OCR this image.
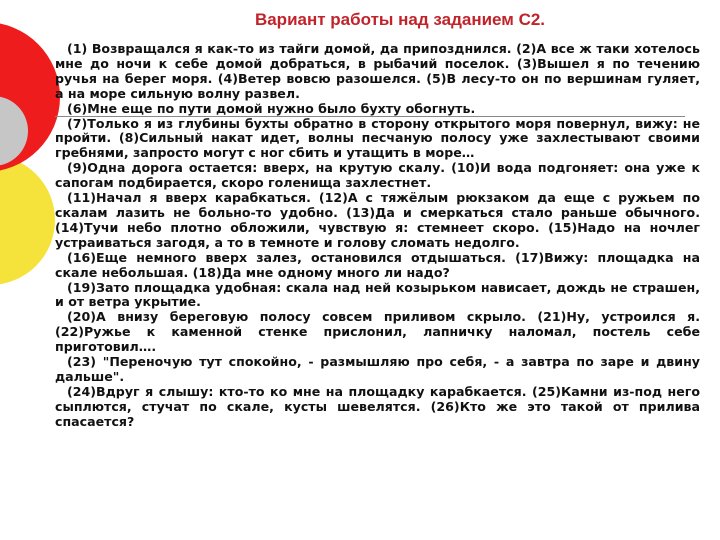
Вариант работы над заданием С2.

(1) Возвращался я как-то из тайги домой, да припозднился. (2)А все ж таки хотелось мне до ночи к себе домой добраться, в рыбачий поселок. (3)Вышел я по течению ручья на берег моря. (4)Ветер вовсю разошелся. (5)В лесу-то он по вершинам гуляет, а на море сильную волну развел.

(6)Мне еще по пути домой нужно было бухту обогнуть.

(7)Только я из глубины бухты обратно в сторону открытого моря повернул, вижу: не пройти. (8)Сильный накат идет, волны песчаную полосу уже захлестывают своими гребнями, запросто могут с ног сбить и утащить в море…

(9)Одна дорога остается: вверх, на крутую скалу. (10)И вода подгоняет: она уже к сапогам подбирается, скоро голенища захлестнет.

(11)Начал я вверх карабкаться. (12)А с тяжёлым рюкзаком да еще с ружьем по скалам лазить не больно-то удобно. (13)Да и смеркаться стало раньше обычного. (14)Тучи небо плотно обложили, чувствую я: стемнеет скоро. (15)Надо на ночлег устраиваться загодя, а то в темноте и голову сломать недолго.

(16)Еще немного вверх залез, остановился отдышаться. (17)Вижу: площадка на скале небольшая. (18)Да мне одному много ли надо?

(19)Зато площадка удобная: скала над ней козырьком нависает, дождь не страшен, и от ветра укрытие.

(20)А внизу береговую полосу совсем приливом скрыло. (21)Ну, устроился я. (22)Ружье к каменной стенке прислонил, лапничку наломал, постель себе приготовил….

(23) "Переночую тут спокойно, - размышляю про себя, - а завтра по заре и двину дальше".

(24)Вдруг я слышу: кто-то ко мне на площадку карабкается. (25)Камни из-под него сыплются, стучат по скале, кусты шевелятся. (26)Кто же это такой от прилива спасается?
